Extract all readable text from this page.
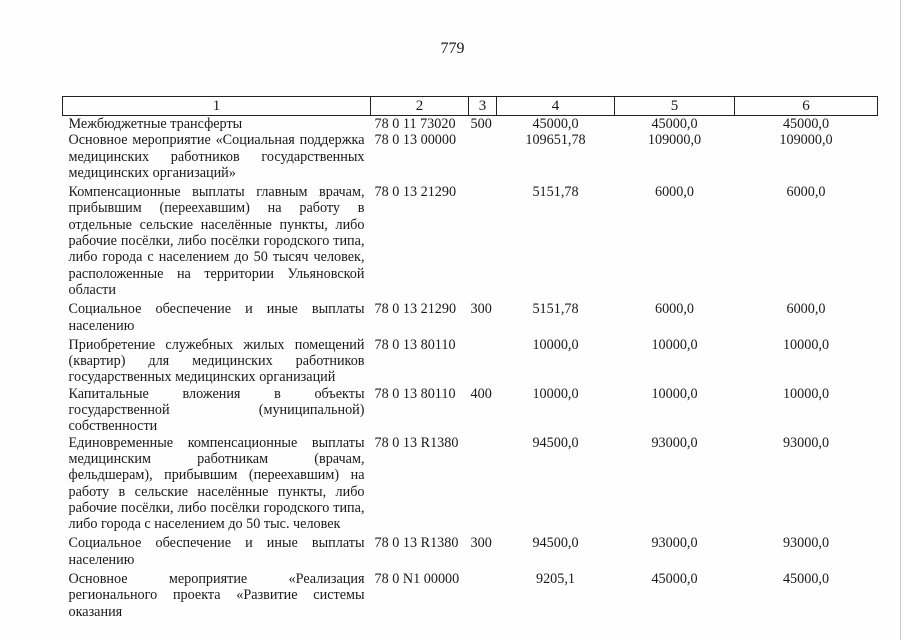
779
1	2	3	4	5	6
Межбюджетные трансферты	78 0 11 73020	500	45000,0	45000,0	45000,0
Основное мероприятие «Социальная поддержка медицинских работников государственных медицинских организаций»	78 0 13 00000		109651,78	109000,0	109000,0
Компенсационные выплаты главным врачам, прибывшим (переехавшим) на работу в отдельные сельские населённые пункты, либо рабочие посёлки, либо посёлки городского типа, либо города с населением до 50 тысяч человек, расположенные на территории Ульяновской области	78 0 13 21290		5151,78	6000,0	6000,0
Социальное обеспечение и иные выплаты населению	78 0 13 21290	300	5151,78	6000,0	6000,0
Приобретение служебных жилых помещений (квартир) для медицинских работников государственных медицинских организаций	78 0 13 80110		10000,0	10000,0	10000,0
Капитальные вложения в объекты государственной (муниципальной) собственности	78 0 13 80110	400	10000,0	10000,0	10000,0
Единовременные компенсационные выплаты медицинским работникам (врачам, фельдшерам), прибывшим (переехавшим) на работу в сельские населённые пункты, либо рабочие посёлки, либо посёлки городского типа, либо города с населением до 50 тыс. человек	78 0 13 R1380		94500,0	93000,0	93000,0
Социальное обеспечение и иные выплаты населению	78 0 13 R1380	300	94500,0	93000,0	93000,0
Основное мероприятие «Реализация регионального проекта «Развитие системы оказания	78 0 N1 00000		9205,1	45000,0	45000,0
